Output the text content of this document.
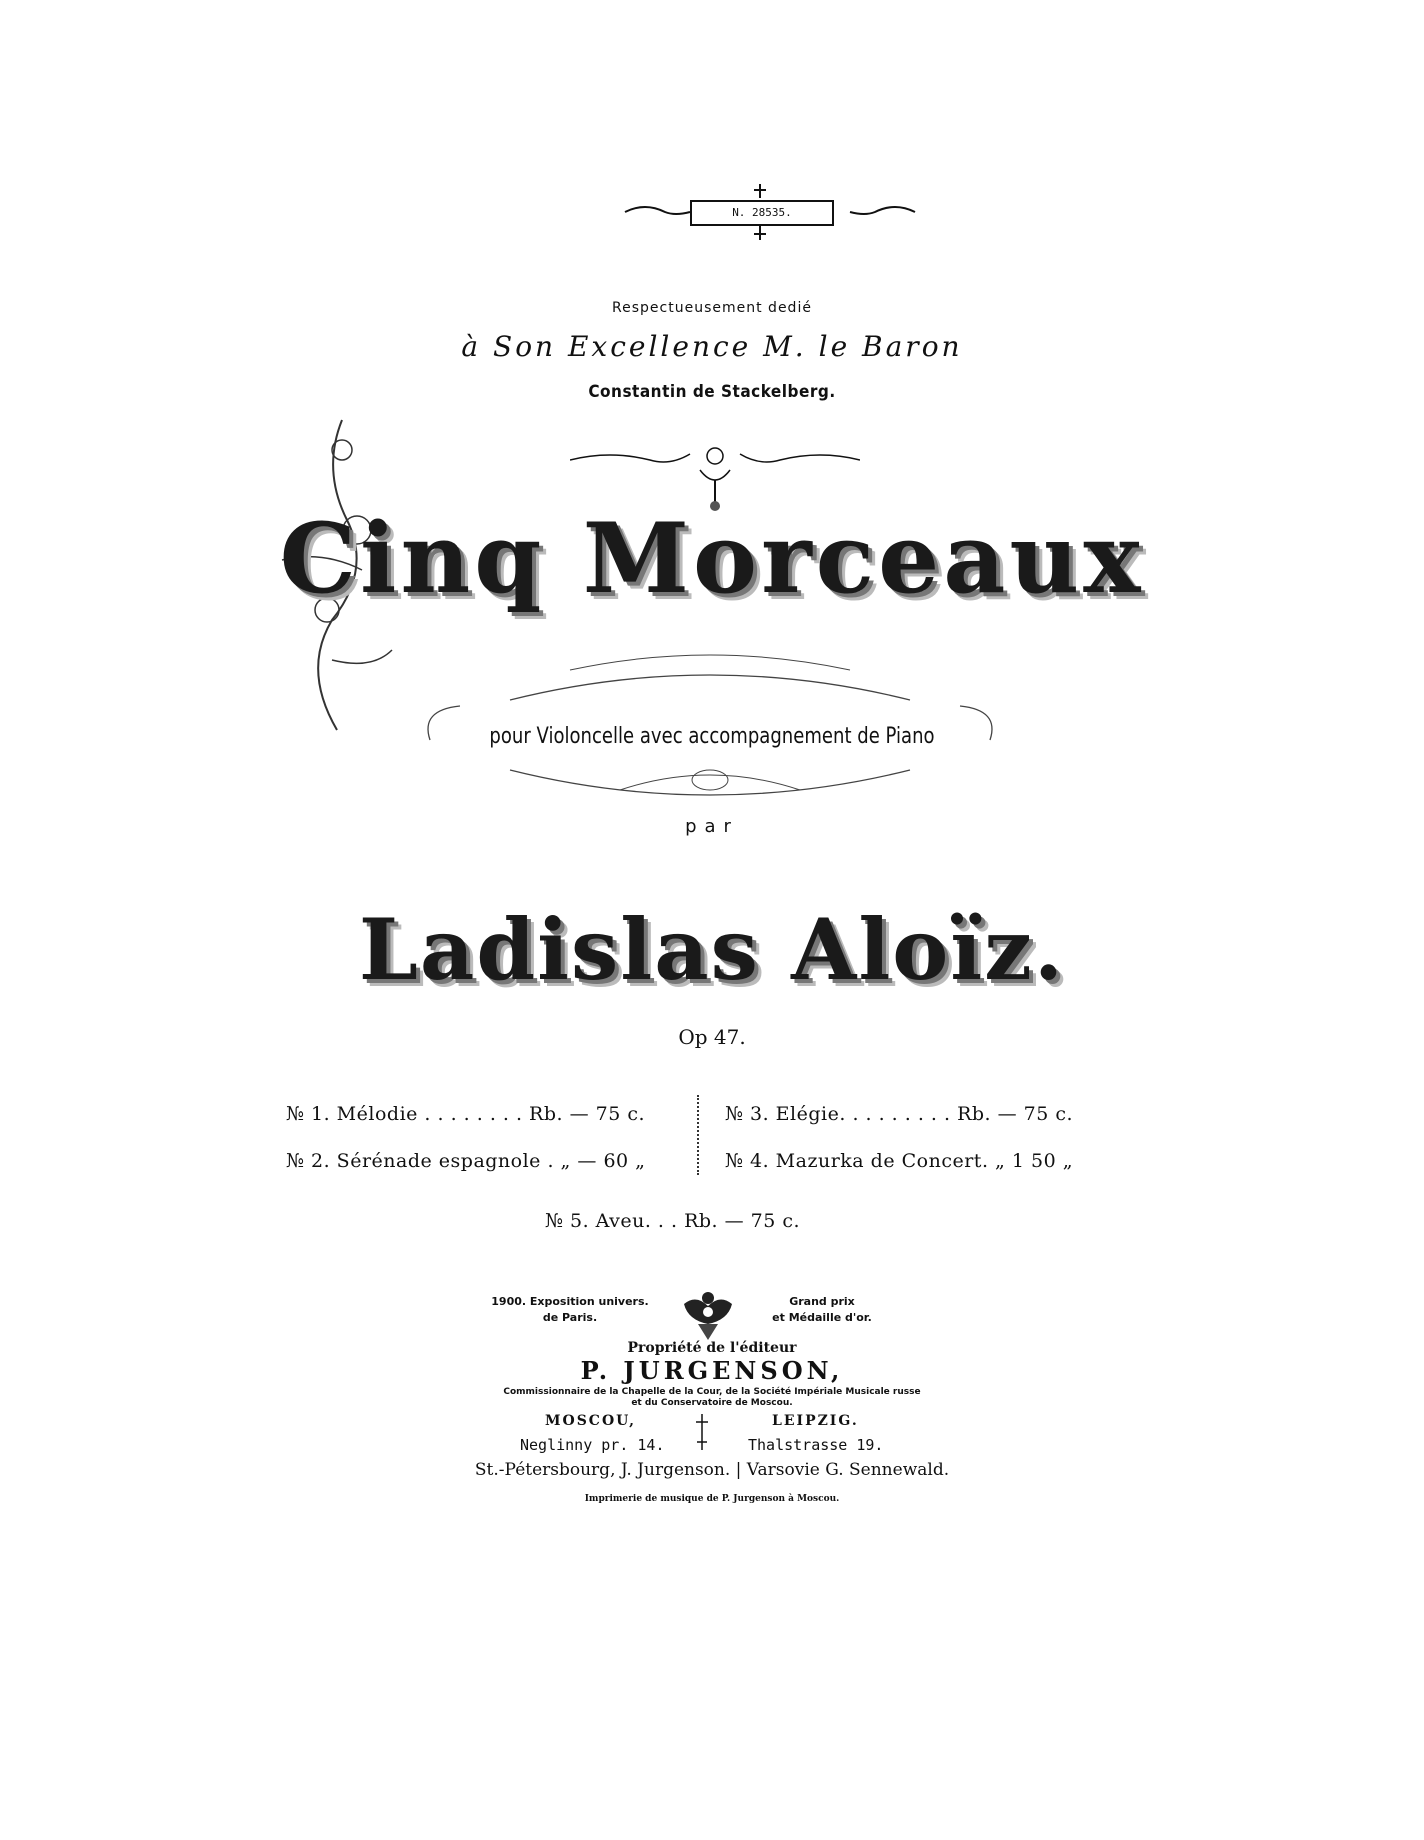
N. 28535.
Respectueusement dedié
à Son Excellence M. le Baron
Constantin de Stackelberg.
Cinq Morceaux
pour Violoncelle avec accompagnement de Piano
par
Ladislas Aloïz.
Op 47.
№ 1. Mélodie . . . . . . . . Rb. — 75 c.
№ 2. Sérénade espagnole . „ — 60 „
№ 3. Elégie. . . . . . . . . Rb. — 75 c.
№ 4. Mazurka de Concert. „ 1 50 „
№ 5. Aveu. . . Rb. — 75 c.
1900. Exposition univers.
de Paris.
Grand prix
et Médaille d'or.
Propriété de l'éditeur
P. JURGENSON,
Commissionnaire de la Chapelle de la Cour, de la Société Impériale Musicale russe
et du Conservatoire de Moscou.
MOSCOU,	LEIPZIG.
Neglinny pr. 14.	Thalstrasse 19.
St.-Pétersbourg, J. Jurgenson. | Varsovie G. Sennewald.
Imprimerie de musique de P. Jurgenson à Moscou.
